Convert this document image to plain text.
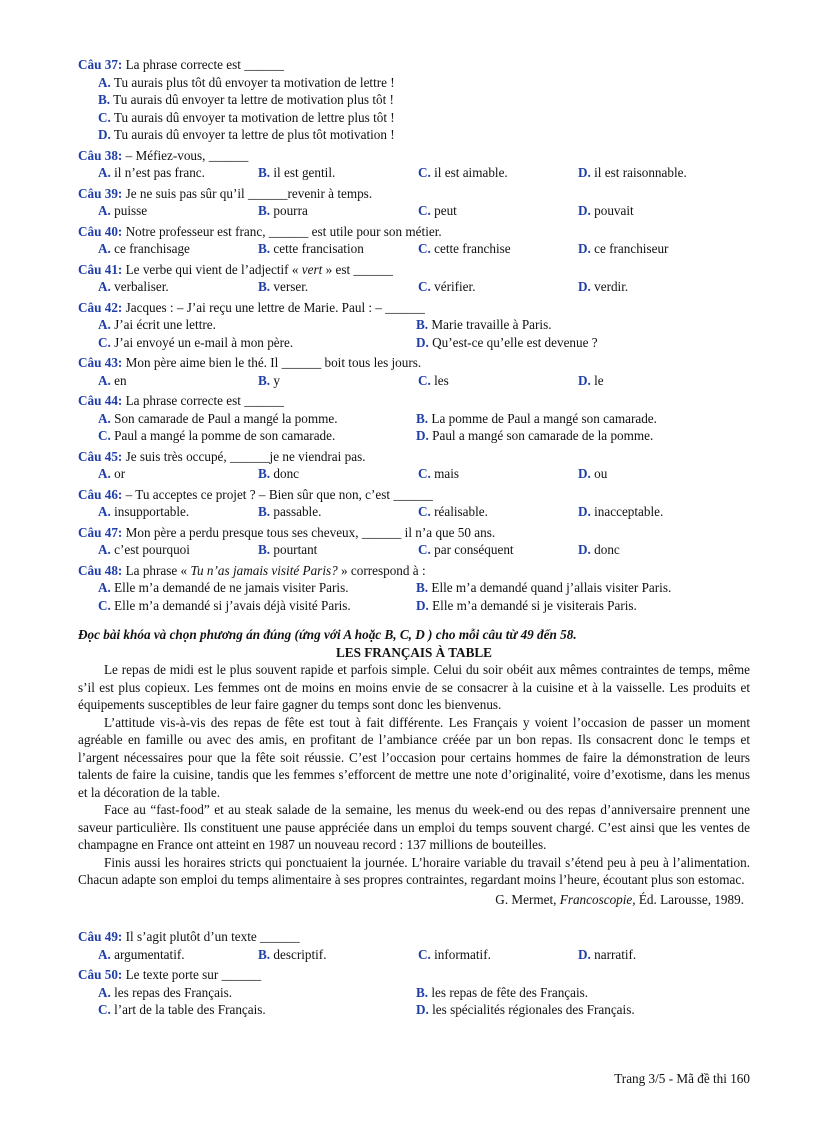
Câu 37: La phrase correcte est ______
A. Tu aurais plus tôt dû envoyer ta motivation de lettre !
B. Tu aurais dû envoyer ta lettre de motivation plus tôt !
C. Tu aurais dû envoyer ta motivation de lettre plus tôt !
D. Tu aurais dû envoyer ta lettre de plus tôt motivation !
Câu 38: – Méfiez-vous, ______
A. il n’est pas franc.	B. il est gentil.	C. il est aimable.	D. il est raisonnable.
Câu 39: Je ne suis pas sûr qu’il ______revenir à temps.
A. puisse	B. pourra	C. peut	D. pouvait
Câu 40: Notre professeur est franc, ______ est utile pour son métier.
A. ce franchisage	B. cette francisation	C. cette franchise	D. ce franchiseur
Câu 41: Le verbe qui vient de l’adjectif « vert » est ______
A. verbaliser.	B. verser.	C. vérifier.	D. verdir.
Câu 42: Jacques : – J’ai reçu une lettre de Marie. Paul : – ______
A. J’ai écrit une lettre.	B. Marie travaille à Paris.
C. J’ai envoyé un e-mail à mon père.	D. Qu’est-ce qu’elle est devenue ?
Câu 43: Mon père aime bien le thé. Il ______ boit tous les jours.
A. en	B. y	C. les	D. le
Câu 44: La phrase correcte est ______
A. Son camarade de Paul a mangé la pomme.	B. La pomme de Paul a mangé son camarade.
C. Paul a mangé la pomme de son camarade.	D. Paul a mangé son camarade de la pomme.
Câu 45: Je suis très occupé, ______je ne viendrai pas.
A. or	B. donc	C. mais	D. ou
Câu 46: – Tu acceptes ce projet ? – Bien sûr que non, c’est ______
A. insupportable.	B. passable.	C. réalisable.	D. inacceptable.
Câu 47: Mon père a perdu presque tous ses cheveux, ______ il n’a que 50 ans.
A. c’est pourquoi	B. pourtant	C. par conséquent	D. donc
Câu 48: La phrase « Tu n’as jamais visité Paris? » correspond à :
A. Elle m’a demandé de ne jamais visiter Paris.	B. Elle m’a demandé quand j’allais visiter Paris.
C. Elle m’a demandé si j’avais déjà visité Paris.	D. Elle m’a demandé si je visiterais Paris.
Đọc bài khóa và chọn phương án đúng (ứng với A hoặc B, C, D ) cho mỗi câu từ 49 đến 58.
LES FRANÇAIS À TABLE

Le repas de midi est le plus souvent rapide et parfois simple. Celui du soir obéit aux mêmes contraintes de temps, même s’il est plus copieux. Les femmes ont de moins en moins envie de se consacrer à la cuisine et à la vaisselle. Les produits et équipements susceptibles de leur faire gagner du temps sont donc les bienvenus.

L’attitude vis-à-vis des repas de fête est tout à fait différente. Les Français y voient l’occasion de passer un moment agréable en famille ou avec des amis, en profitant de l’ambiance créée par un bon repas. Ils consacrent donc le temps et l’argent nécessaires pour que la fête soit réussie. C’est l’occasion pour certains hommes de faire la démonstration de leurs talents de faire la cuisine, tandis que les femmes s’efforcent de mettre une note d’originalité, voire d’exotisme, dans les menus et la décoration de la table.

Face au “fast-food” et au steak salade de la semaine, les menus du week-end ou des repas d’anniversaire prennent une saveur particulière. Ils constituent une pause appréciée dans un emploi du temps souvent chargé. C’est ainsi que les ventes de champagne en France ont atteint en 1987 un nouveau record : 137 millions de bouteilles.

Finis aussi les horaires stricts qui ponctuaient la journée. L’horaire variable du travail s’étend peu à peu à l’alimentation. Chacun adapte son emploi du temps alimentaire à ses propres contraintes, regardant moins l’heure, écoutant plus son estomac.

G. Mermet, Francoscopie, Éd. Larousse, 1989.
Câu 49: Il s’agit plutôt d’un texte ______
A. argumentatif.	B. descriptif.	C. informatif.	D. narratif.
Câu 50: Le texte porte sur ______
A. les repas des Français.	B. les repas de fête des Français.
C. l’art de la table des Français.	D. les spécialités régionales des Français.
Trang 3/5 - Mã đề thi 160
